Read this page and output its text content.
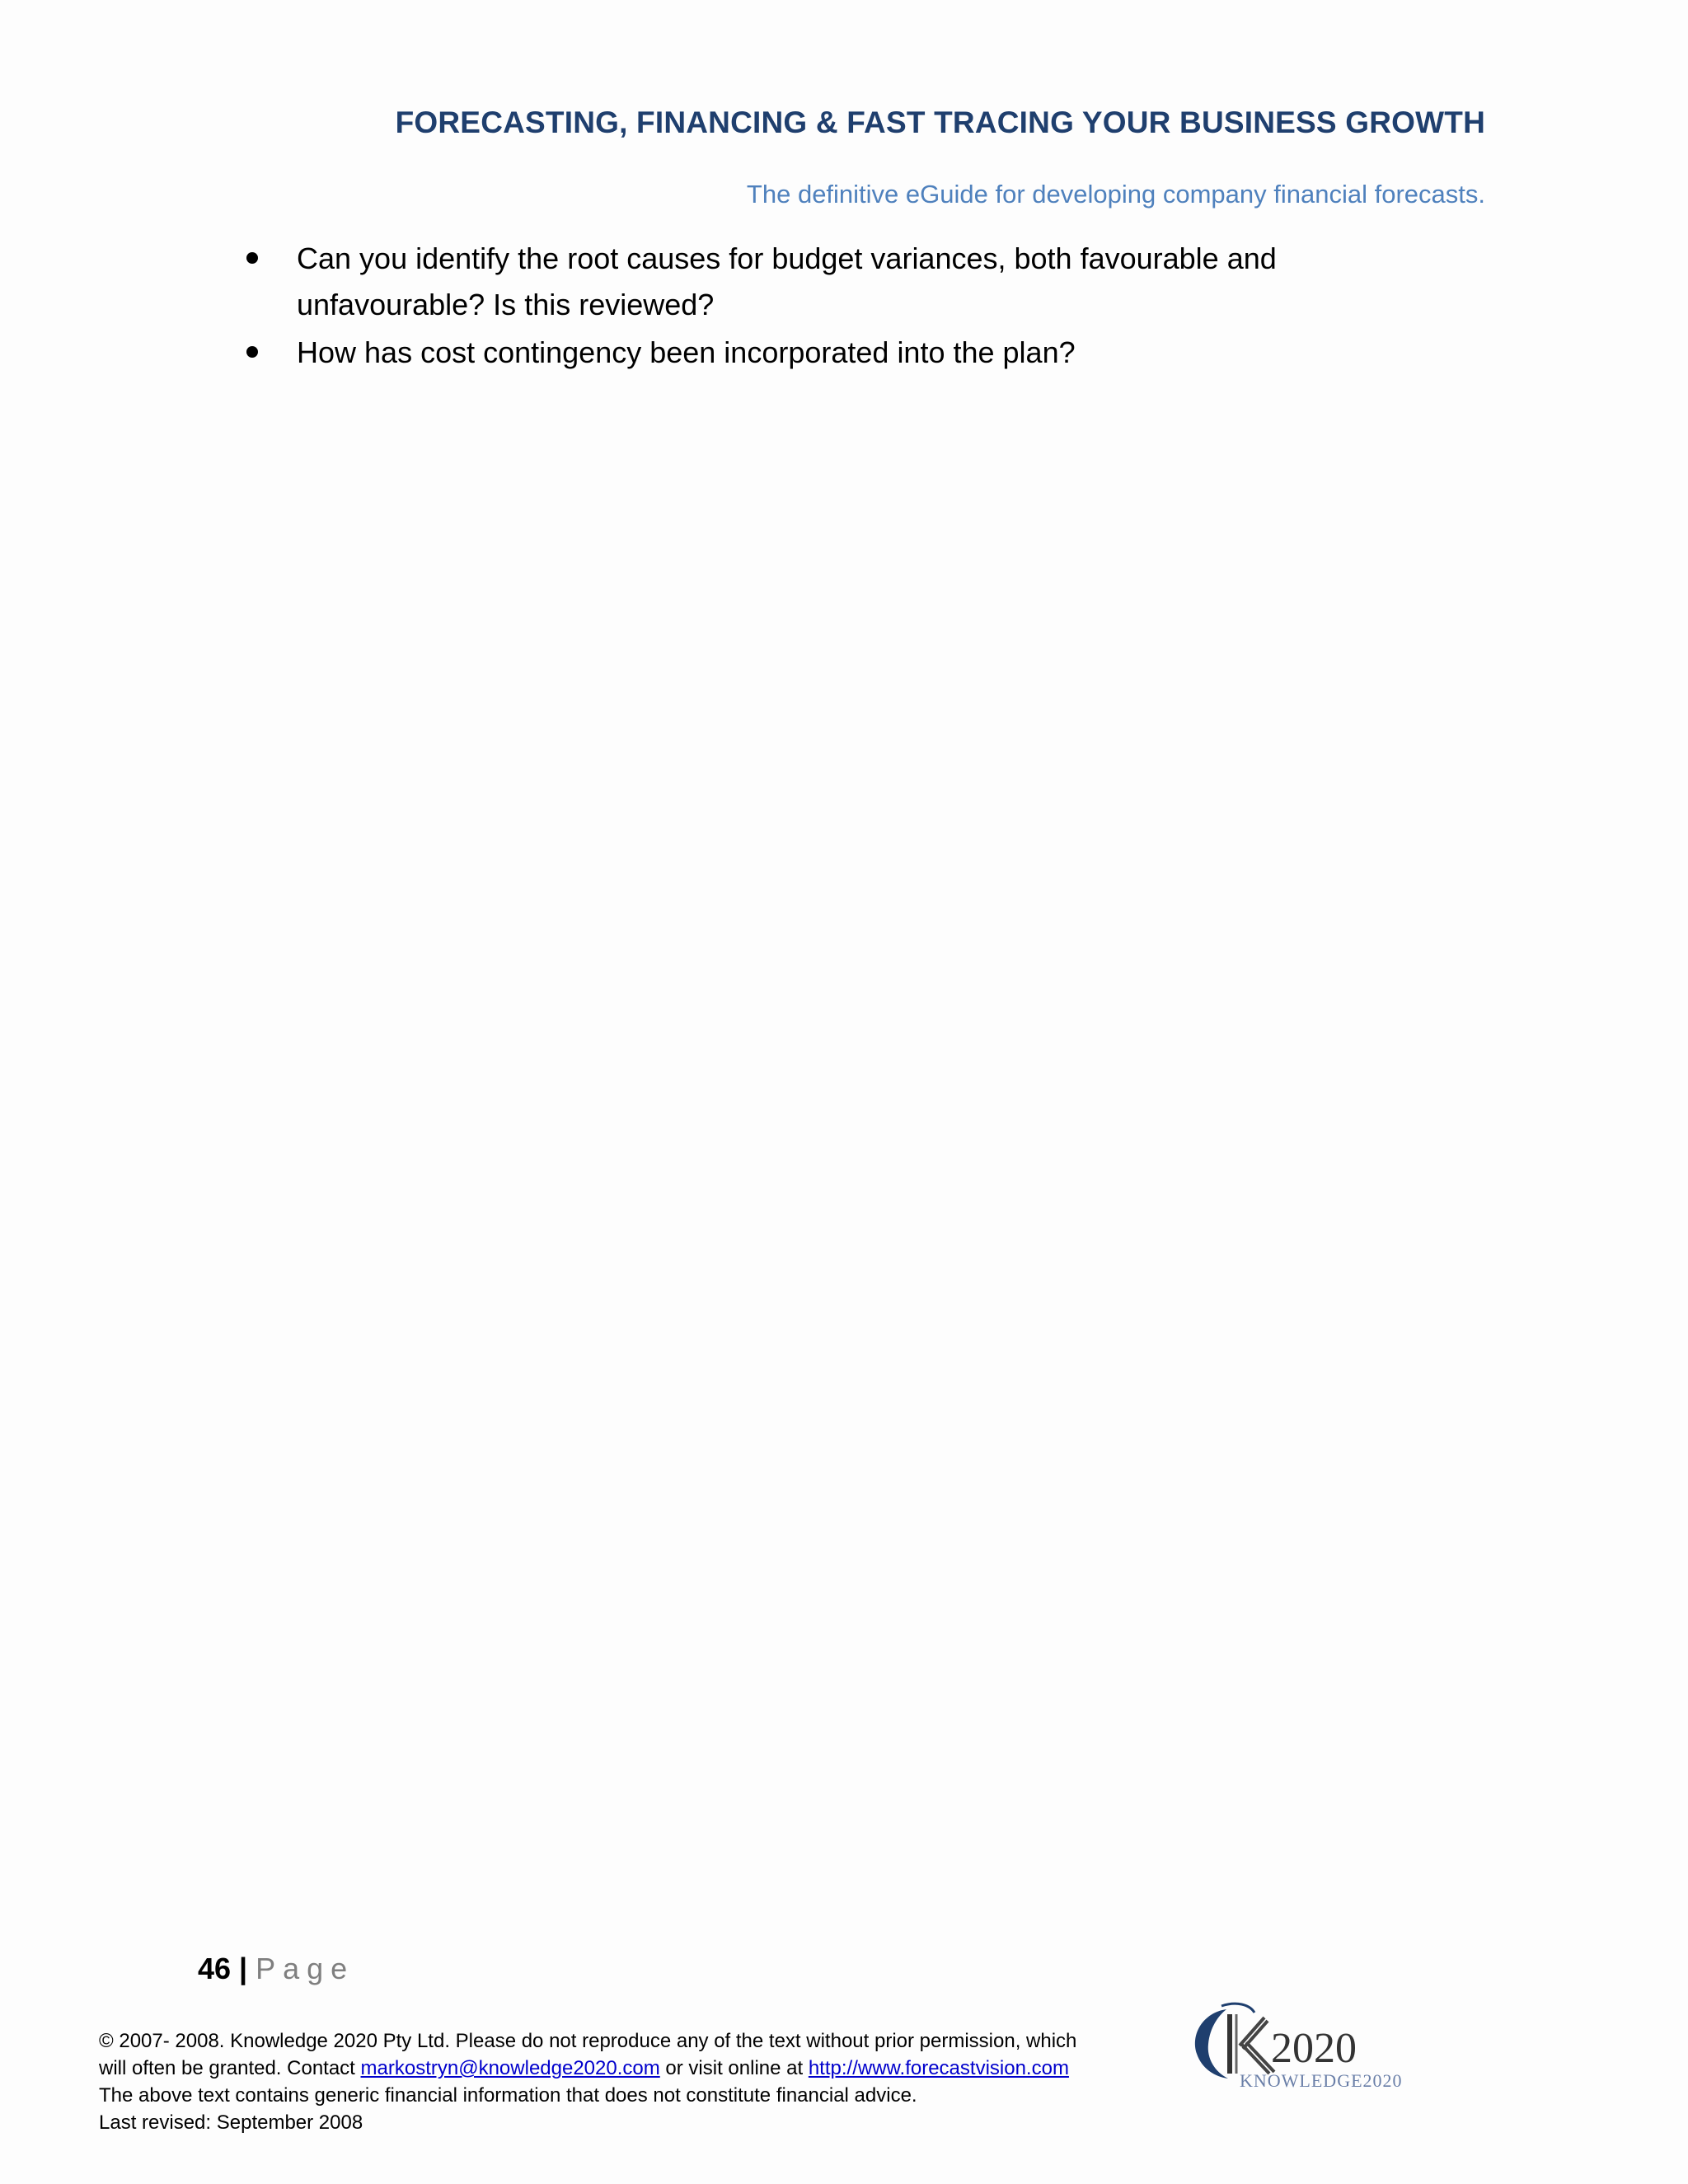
FORECASTING, FINANCING & FAST TRACING YOUR BUSINESS GROWTH
The definitive eGuide for developing company financial forecasts.
Can you identify the root causes for budget variances, both favourable and unfavourable? Is this reviewed?
How has cost contingency been incorporated into the plan?
46 | Page
© 2007- 2008. Knowledge 2020 Pty Ltd. Please do not reproduce any of the text without prior permission, which
will often be granted. Contact markostryn@knowledge2020.com or visit online at http://www.forecastvision.com
The above text contains generic financial information that does not constitute financial advice.
Last revised: September 2008
2020
KNOWLEDGE2020
